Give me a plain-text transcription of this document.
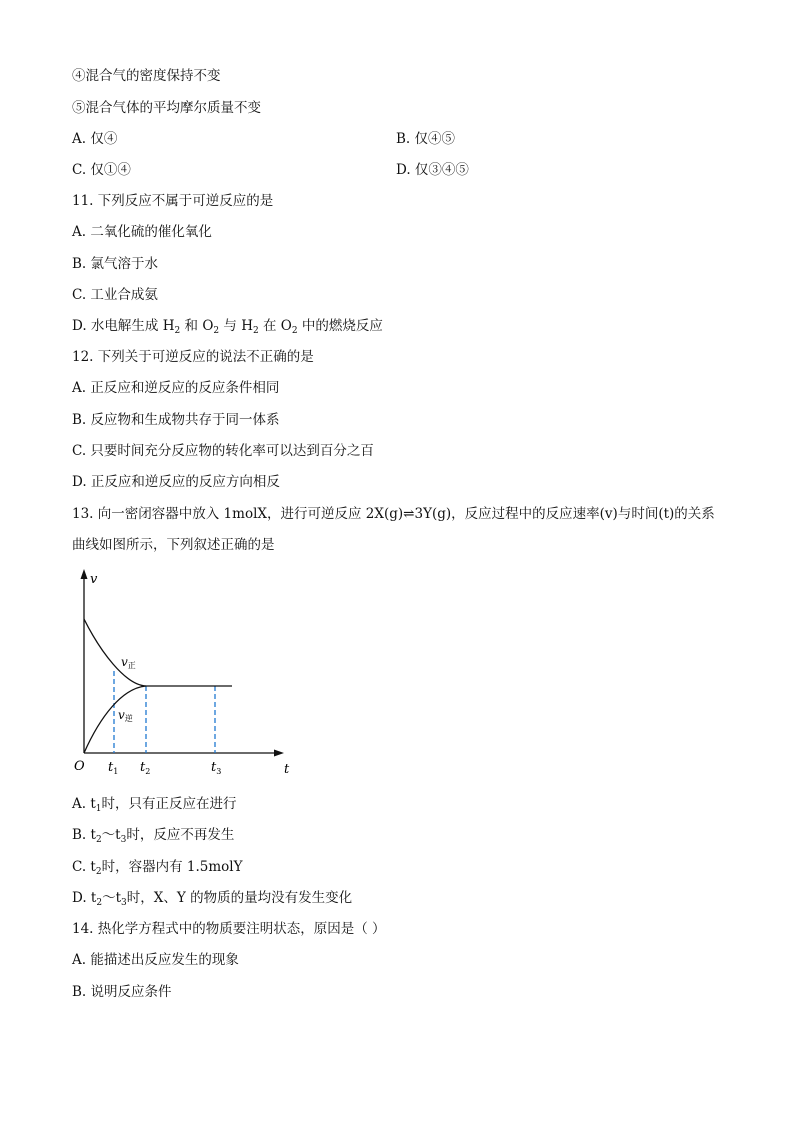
④混合气的密度保持不变
⑤混合气体的平均摩尔质量不变
A. 仅④	B. 仅④⑤
C. 仅①④	D. 仅③④⑤
11. 下列反应不属于可逆反应的是
A. 二氧化硫的催化氧化
B. 氯气溶于水
C. 工业合成氨
D. 水电解生成 $H_2$ 和 $O_2$ 与 $H_2$ 在 $O_2$ 中的燃烧反应
12. 下列关于可逆反应的说法不正确的是
A. 正反应和逆反应的反应条件相同
B. 反应物和生成物共存于同一体系
C. 只要时间充分反应物的转化率可以达到百分之百
D. 正反应和逆反应的反应方向相反
13. 向一密闭容器中放入 1molX，进行可逆反应 2X(g)⇌3Y(g)，反应过程中的反应速率(v)与时间(t)的关系
曲线如图所示，下列叙述正确的是
v
t
O $t_1$ $t_2$	$t_3$
v正
v逆
A. $t_1$时，只有正反应在进行
B. $t_2\sim t_3$时，反应不再发生
C. $t_2$时，容器内有 1.5molY
D. $t_2\sim t_3$时，X、Y 的物质的量均没有发生变化
14. 热化学方程式中的物质要注明状态，原因是（ ）
A. 能描述出反应发生的现象
B. 说明反应条件
